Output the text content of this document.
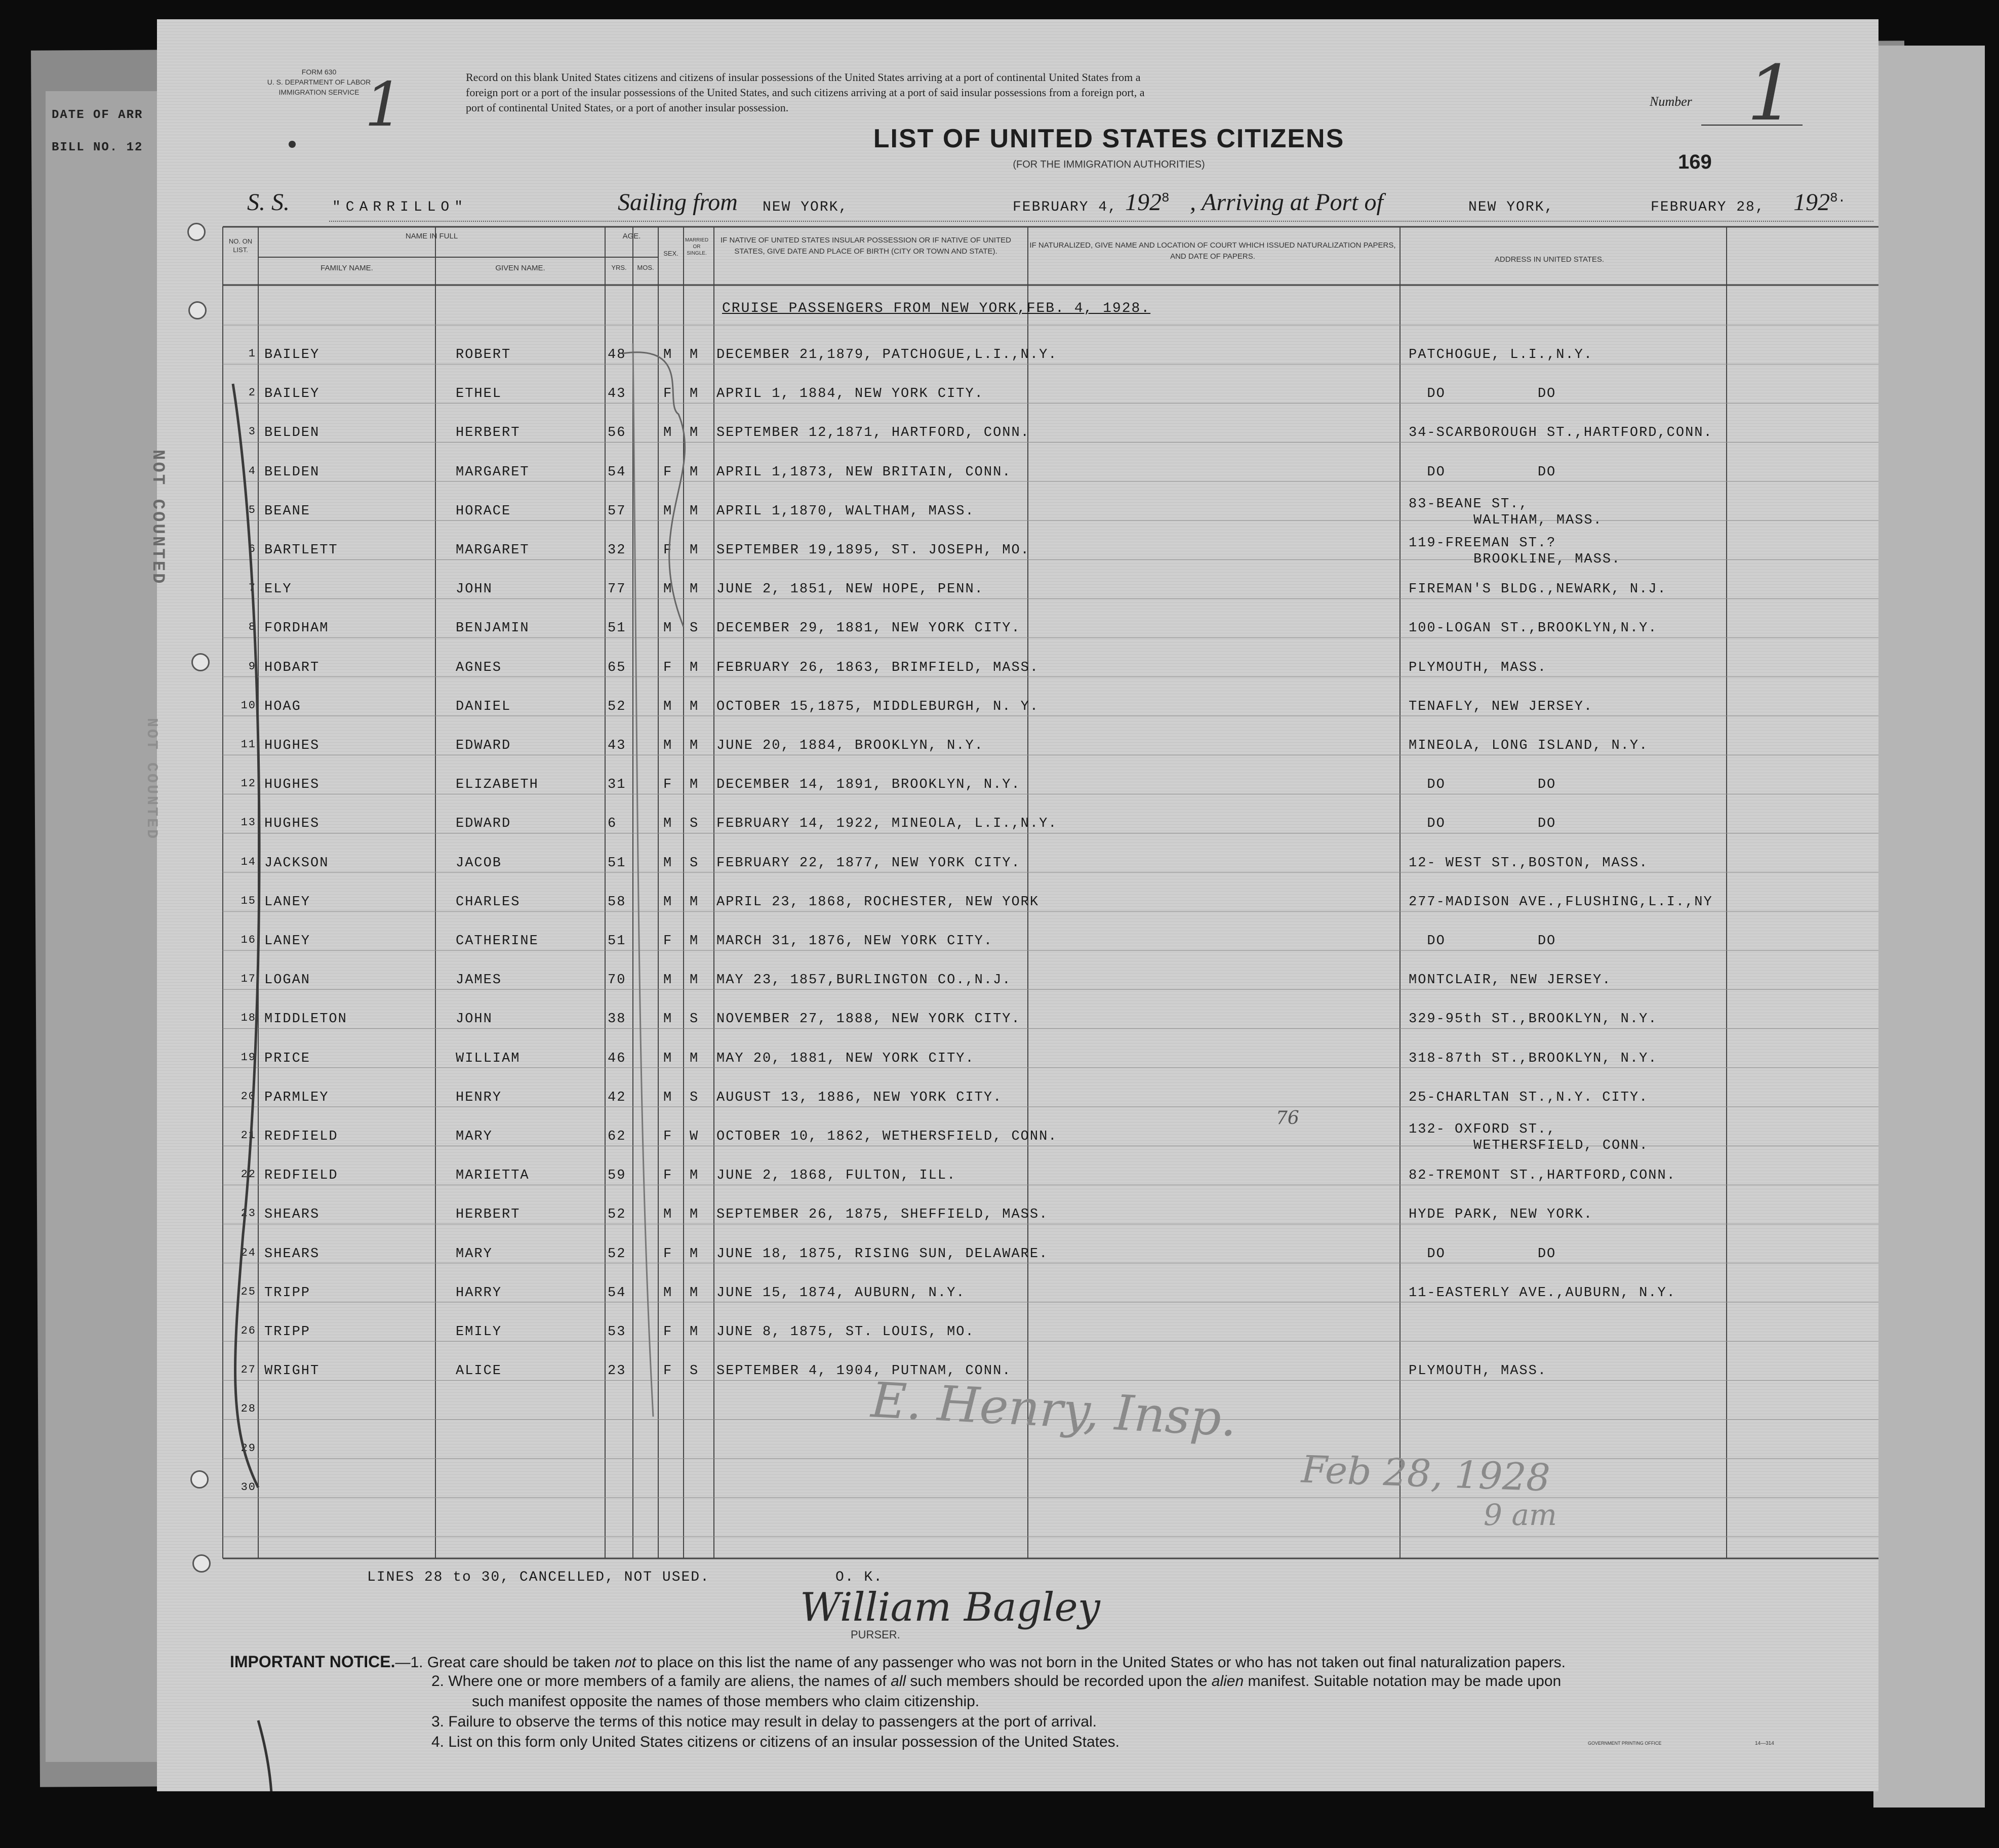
DATE OF ARR
BILL NO. 12
FORM 630
U. S. DEPARTMENT OF LABOR
IMMIGRATION SERVICE 1	Record on this blank United States citizens and citizens of insular possessions of the United States arriving at a port of continental United States from a
foreign port or a port of the insular possessions of the United States, and such citizens arriving at a port of said insular possessions from a foreign port, a
port of continental United States, or a port of another insular possession.	Number 1
LIST OF UNITED STATES CITIZENS
(FOR THE IMMIGRATION AUTHORITIES)	169
S. S.	"CARRILLO"	Sailing from NEW YORK,	FEBRUARY 4, $192^8$ , Arriving at Port of	NEW YORK,	FEBRUARY 28, $192^{8.}$
NO. ON LIST.
NAME IN FULL
FAMILY NAME.	GIVEN NAME.
AGE.
YRS.	MOS.
SEX.
MARRIED OR SINGLE.
IF NATIVE OF UNITED STATES INSULAR POSSESSION OR IF NATIVE OF UNITED STATES, GIVE DATE AND PLACE OF BIRTH (CITY OR TOWN AND STATE).
IF NATURALIZED, GIVE NAME AND LOCATION OF COURT WHICH ISSUED NATURALIZATION PAPERS, AND DATE OF PAPERS.	ADDRESS IN UNITED STATES.
CRUISE PASSENGERS FROM NEW YORK,FEB. 4, 1928.
1 BAILEY	ROBERT	48	M	M	DECEMBER 21,1879, PATCHOGUE,L.I.,N.Y.	PATCHOGUE, L.I.,N.Y.
2 BAILEY	ETHEL	43	F	M	APRIL 1, 1884, NEW YORK CITY.	DO          DO
3 BELDEN	HERBERT	56	M	M	SEPTEMBER 12,1871, HARTFORD, CONN.	34-SCARBOROUGH ST.,HARTFORD,CONN.
4 BELDEN	MARGARET	54	F	M	APRIL 1,1873, NEW BRITAIN, CONN.	DO          DO
5 BEANE	HORACE	57	M	M	APRIL 1,1870, WALTHAM, MASS.	83-BEANE ST.,
WALTHAM, MASS.
6 BARTLETT	MARGARET	32	F	M	SEPTEMBER 19,1895, ST. JOSEPH, MO.	119-FREEMAN ST.?
BROOKLINE, MASS.
7 ELY	JOHN	77	M	M	JUNE 2, 1851, NEW HOPE, PENN.	FIREMAN'S BLDG.,NEWARK, N.J.
8 FORDHAM	BENJAMIN	51	M	S	DECEMBER 29, 1881, NEW YORK CITY.	100-LOGAN ST.,BROOKLYN,N.Y.
9 HOBART	AGNES	65	F	M	FEBRUARY 26, 1863, BRIMFIELD, MASS.	PLYMOUTH, MASS.
10 HOAG	DANIEL	52	M	M	OCTOBER 15,1875, MIDDLEBURGH, N. Y.	TENAFLY, NEW JERSEY.
11 HUGHES	EDWARD	43	M	M	JUNE 20, 1884, BROOKLYN, N.Y.	MINEOLA, LONG ISLAND, N.Y.
12 HUGHES	ELIZABETH	31	F	M	DECEMBER 14, 1891, BROOKLYN, N.Y.	DO          DO
13 HUGHES	EDWARD	6	M	S	FEBRUARY 14, 1922, MINEOLA, L.I.,N.Y.	DO          DO
14 JACKSON	JACOB	51	M	S	FEBRUARY 22, 1877, NEW YORK CITY.	12- WEST ST.,BOSTON, MASS.
15 LANEY	CHARLES	58	M	M	APRIL 23, 1868, ROCHESTER, NEW YORK	277-MADISON AVE.,FLUSHING,L.I.,NY
16 LANEY	CATHERINE	51	F	M	MARCH 31, 1876, NEW YORK CITY.	DO          DO
17 LOGAN	JAMES	70	M	M	MAY 23, 1857,BURLINGTON CO.,N.J.	MONTCLAIR, NEW JERSEY.
18 MIDDLETON	JOHN	38	M	S	NOVEMBER 27, 1888, NEW YORK CITY.	329-95th ST.,BROOKLYN, N.Y.
19 PRICE	WILLIAM	46	M	M	MAY 20, 1881, NEW YORK CITY.	318-87th ST.,BROOKLYN, N.Y.
20 PARMLEY	HENRY	42	M	S	AUGUST 13, 1886, NEW YORK CITY.	25-CHARLTAN ST.,N.Y. CITY.
21 REDFIELD	MARY	62	F	W	OCTOBER 10, 1862, WETHERSFIELD, CONN.	132- OXFORD ST.,
WETHERSFIELD, CONN.
22 REDFIELD	MARIETTA	59	F	M	JUNE 2, 1868, FULTON, ILL.	82-TREMONT ST.,HARTFORD,CONN.
23 SHEARS	HERBERT	52	M	M	SEPTEMBER 26, 1875, SHEFFIELD, MASS.	HYDE PARK, NEW YORK.
24 SHEARS	MARY	52	F	M	JUNE 18, 1875, RISING SUN, DELAWARE.	DO          DO
25 TRIPP	HARRY	54	M	M	JUNE 15, 1874, AUBURN, N.Y.	11-EASTERLY AVE.,AUBURN, N.Y.
26 TRIPP	EMILY	53	F	M	JUNE 8, 1875, ST. LOUIS, MO.
27 WRIGHT	ALICE	23	F	S	SEPTEMBER 4, 1904, PUTNAM, CONN.	PLYMOUTH, MASS.
28
29
30
NOT COUNTED
NOT COUNTED
76
E. Henry, Insp.
Feb 28, 1928
9 am
LINES 28 to 30, CANCELLED, NOT USED.	O. K.
William Bagley
PURSER.
IMPORTANT NOTICE.—1. Great care should be taken not to place on this list the name of any passenger who was not born in the United States or who has not taken out final naturalization papers.
2. Where one or more members of a family are aliens, the names of all such members should be recorded upon the alien manifest. Suitable notation may be made upon
such manifest opposite the names of those members who claim citizenship.
3. Failure to observe the terms of this notice may result in delay to passengers at the port of arrival.
4. List on this form only United States citizens or citizens of an insular possession of the United States.	GOVERNMENT PRINTING OFFICE	14—314
